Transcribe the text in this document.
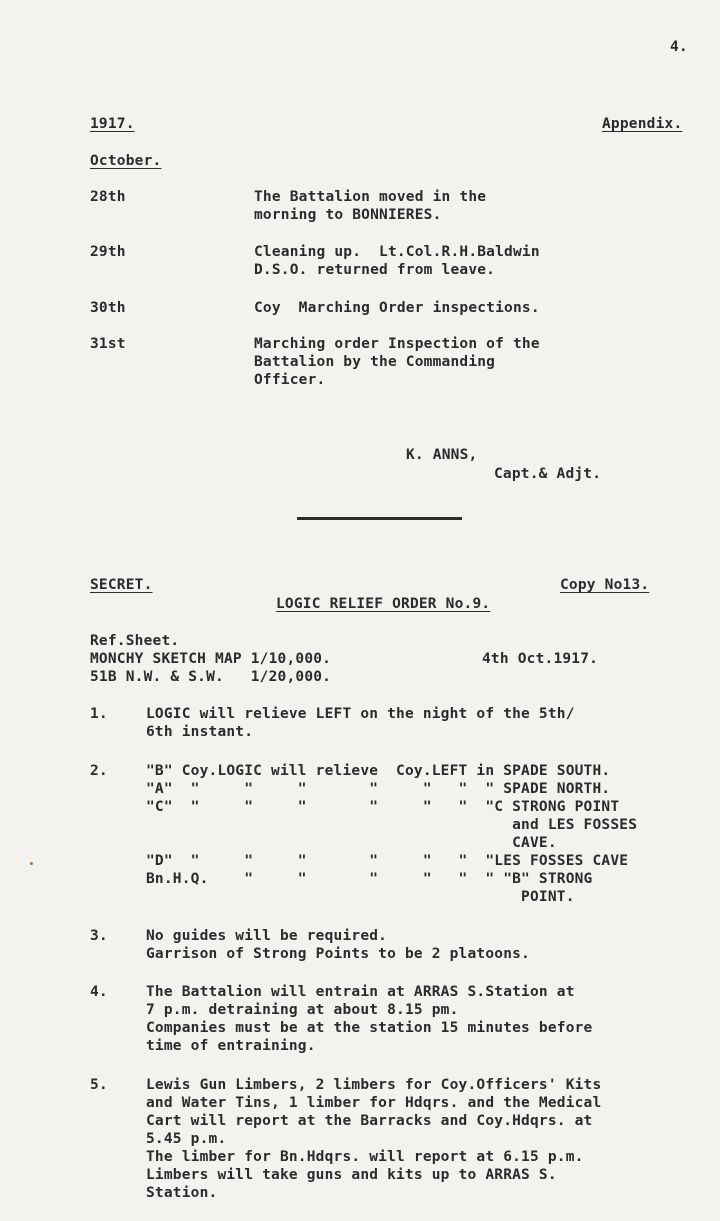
4.
1917.	Appendix.
October.
28th	The Battalion moved in the
morning to BONNIERES.
29th	Cleaning up.  Lt.Col.R.H.Baldwin
D.S.O. returned from leave.
30th	Coy  Marching Order inspections.
31st	Marching order Inspection of the
Battalion by the Commanding
Officer.
K. ANNS,
Capt.& Adjt.
SECRET.	Copy No13.
LOGIC RELIEF ORDER No.9.
Ref.Sheet.
MONCHY SKETCH MAP 1/10,000.	4th Oct.1917.
51B N.W. & S.W.   1/20,000.
1.	LOGIC will relieve LEFT on the night of the 5th/
6th instant.
2.	"B" Coy.LOGIC will relieve  Coy.LEFT in SPADE SOUTH.
"A"  "     "     "       "     "   "  " SPADE NORTH.
"C"  "     "     "       "     "   "  "C STRONG POINT
and LES FOSSES
CAVE.
"D"  "     "     "       "     "   "  "LES FOSSES CAVE
Bn.H.Q.    "     "       "     "   "  " "B" STRONG
POINT.
3.	No guides will be required.
Garrison of Strong Points to be 2 platoons.
4.	The Battalion will entrain at ARRAS S.Station at
7 p.m. detraining at about 8.15 pm.
Companies must be at the station 15 minutes before
time of entraining.
5.	Lewis Gun Limbers, 2 limbers for Coy.Officers' Kits
and Water Tins, 1 limber for Hdqrs. and the Medical
Cart will report at the Barracks and Coy.Hdqrs. at
5.45 p.m.
The limber for Bn.Hdqrs. will report at 6.15 p.m.
Limbers will take guns and kits up to ARRAS S.
Station.
